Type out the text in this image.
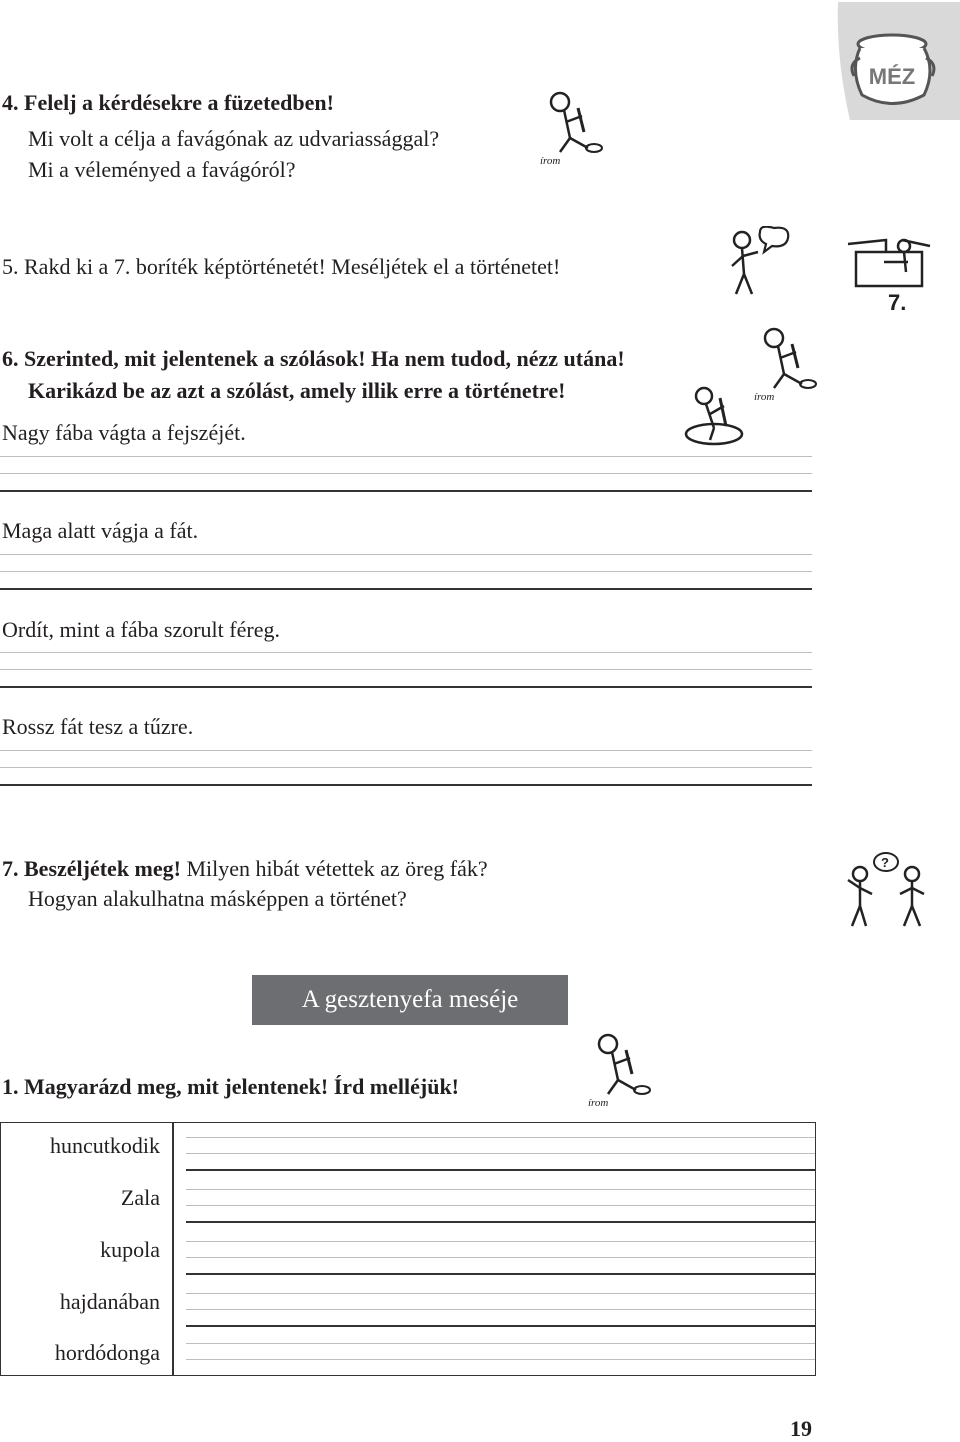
MÉZ
4. Felelj a kérdésekre a füzetedben!
Mi volt a célja a favágónak az udvariassággal?
Mi a véleményed a favágóról?	írom
5. Rakd ki a 7. boríték képtörténetét! Meséljétek el a történetet!
7.
6. Szerinted, mit jelentenek a szólások! Ha nem tudod, nézz utána!
Karikázd be az azt a szólást, amely illik erre a történetre!	írom
Nagy fába vágta a fejszéjét.
Maga alatt vágja a fát.
Ordít, mint a fába szorult féreg.
Rossz fát tesz a tűzre.
7. Beszéljétek meg! Milyen hibát vétettek az öreg fák?
Hogyan alakulhatna másképpen a történet?
?
A gesztenyefa meséje
1. Magyarázd meg, mit jelentenek! Írd melléjük!
írom
huncutkodik
Zala
kupola
hajdanában
hordódonga
19
